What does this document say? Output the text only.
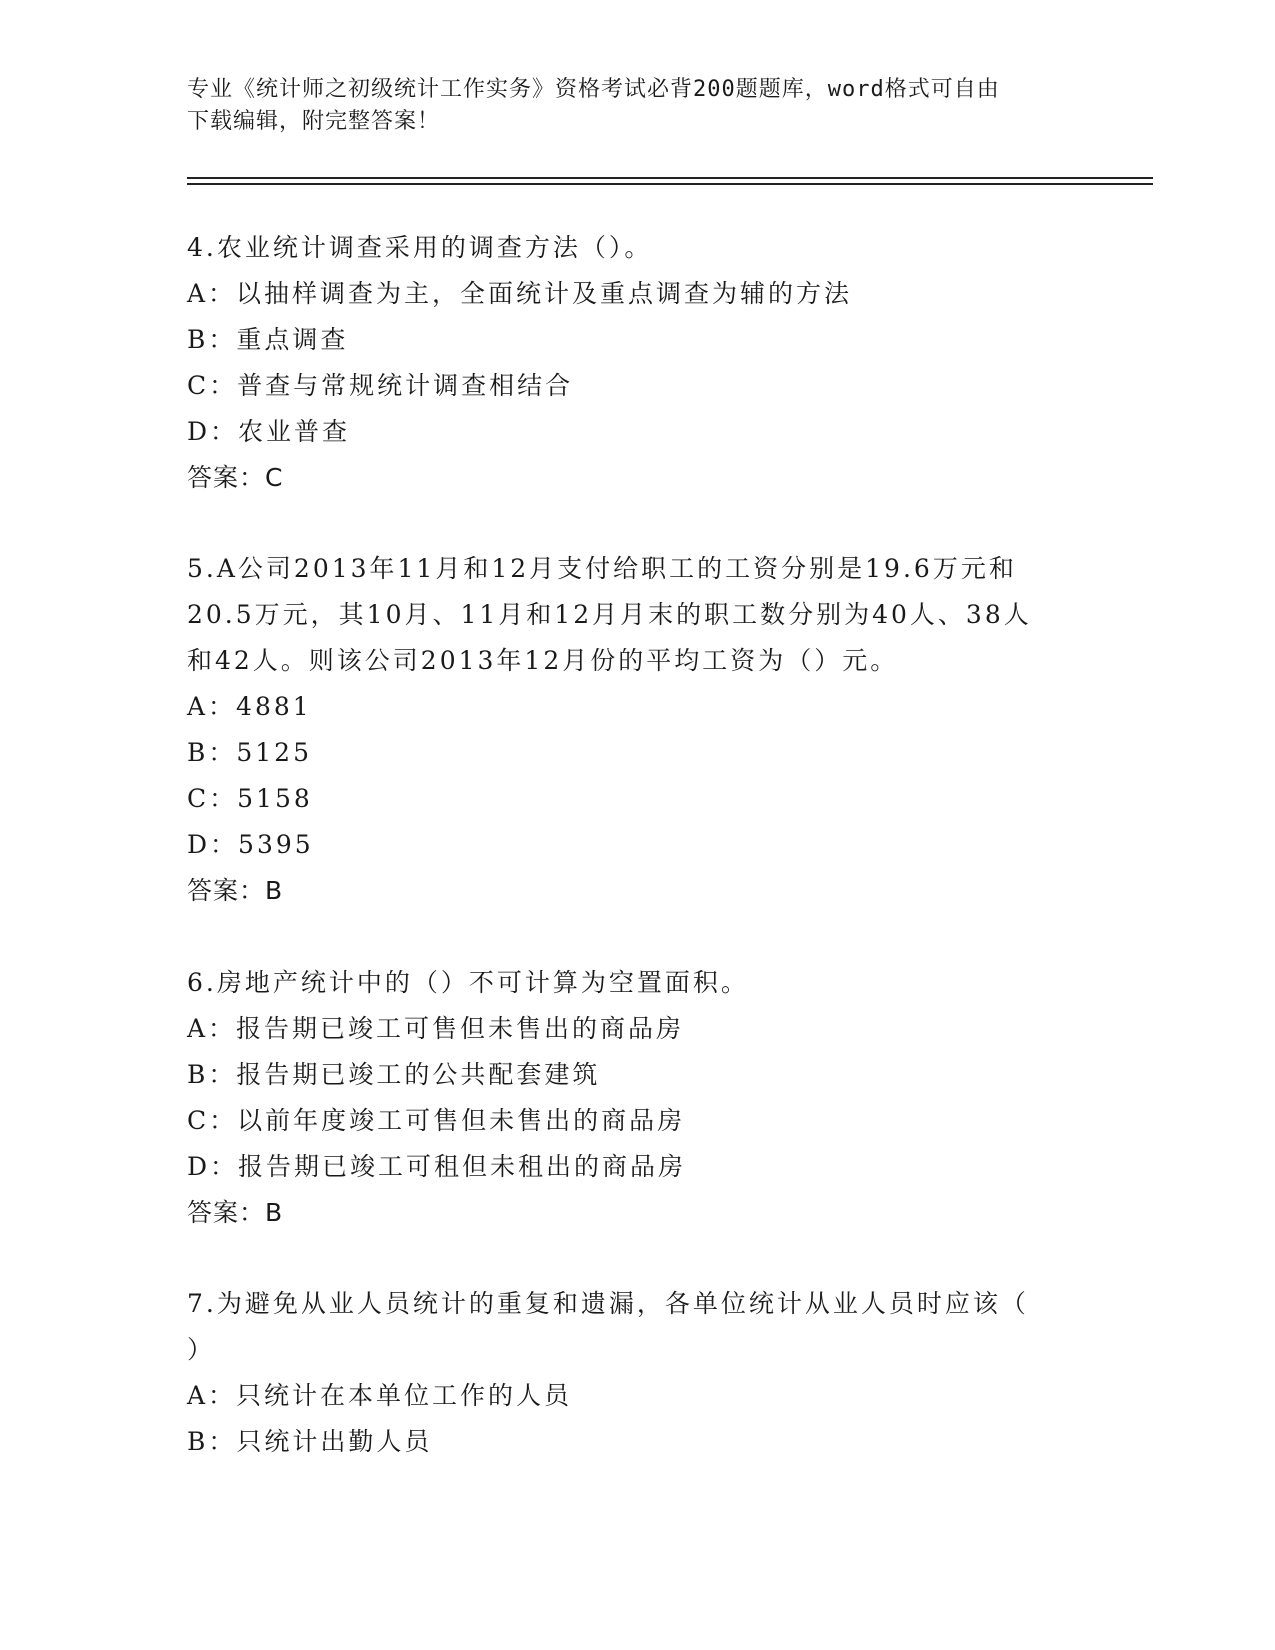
专业《统计师之初级统计工作实务》资格考试必背200题题库，word格式可自由
下载编辑，附完整答案！

4.农业统计调查采用的调查方法（）。
A：以抽样调查为主，全面统计及重点调查为辅的方法
B：重点调查
C：普查与常规统计调查相结合
D：农业普查
答案：C
5.A公司2013年11月和12月支付给职工的工资分别是19.6万元和
20.5万元，其10月、11月和12月月末的职工数分别为40人、38人
和42人。则该公司2013年12月份的平均工资为（）元。
A：4881
B：5125
C：5158
D：5395
答案：B
6.房地产统计中的（）不可计算为空置面积。
A：报告期已竣工可售但未售出的商品房
B：报告期已竣工的公共配套建筑
C：以前年度竣工可售但未售出的商品房
D：报告期已竣工可租但未租出的商品房
答案：B
7.为避免从业人员统计的重复和遗漏，各单位统计从业人员时应该（
）
A：只统计在本单位工作的人员
B：只统计出勤人员
